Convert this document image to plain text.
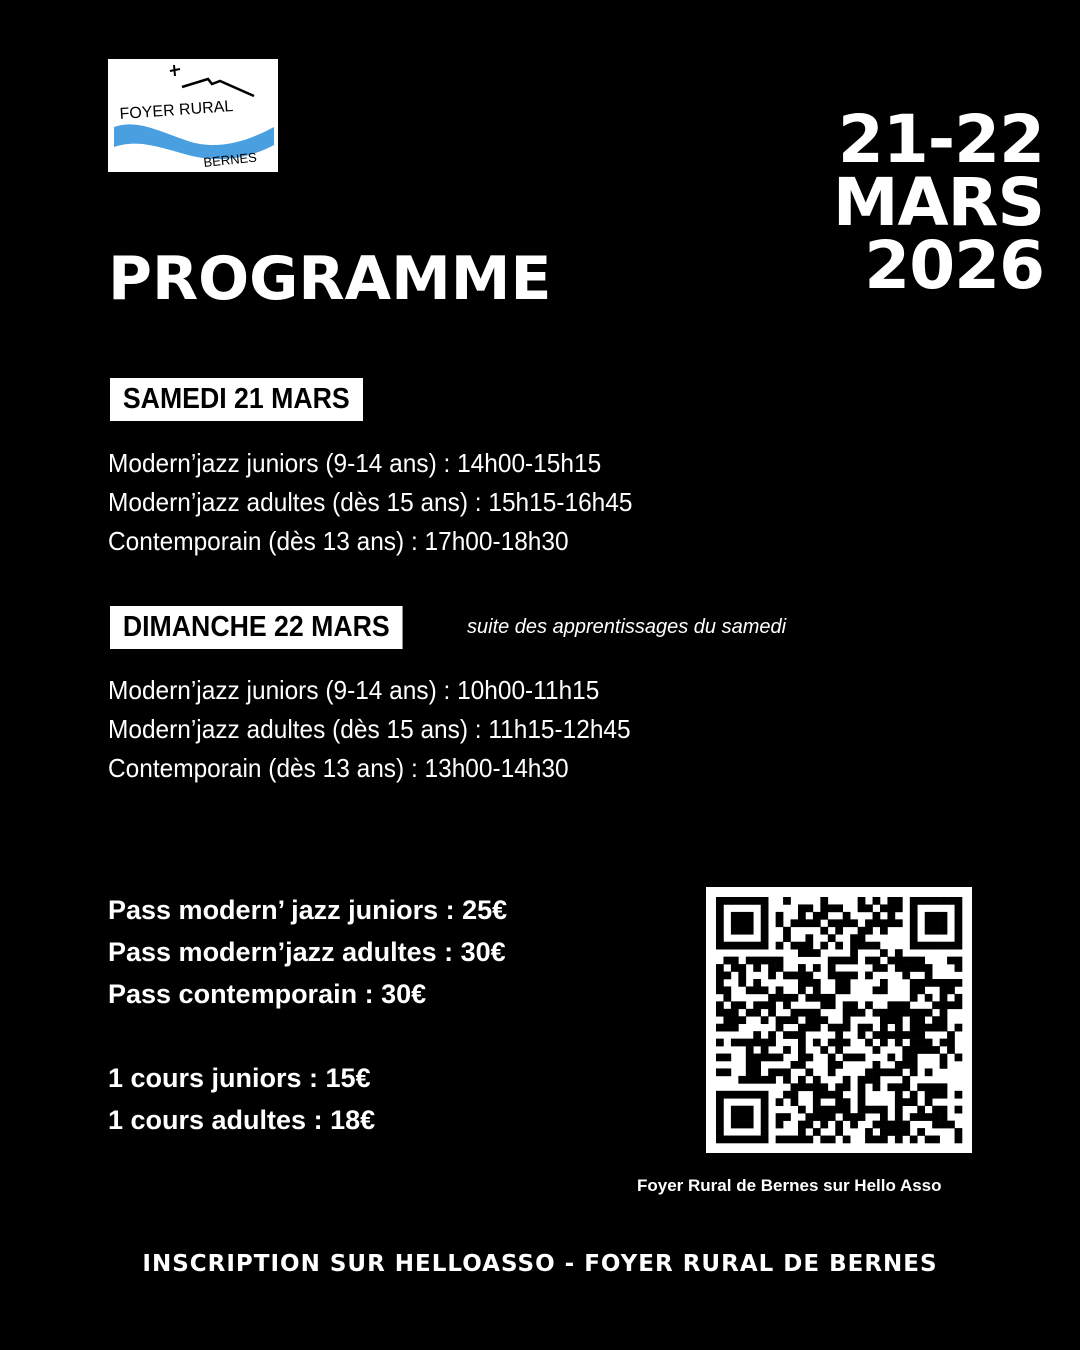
FOYER RURAL
BERNES	21-22
MARS
2026
PROGRAMME
SAMEDI 21 MARS
Modern’jazz juniors (9-14 ans) : 14h00-15h15
Modern’jazz adultes (dès 15 ans) : 15h15-16h45
Contemporain (dès 13 ans) : 17h00-18h30
DIMANCHE 22 MARS	suite des apprentissages du samedi
Modern’jazz juniors (9-14 ans) : 10h00-11h15
Modern’jazz adultes (dès 15 ans) : 11h15-12h45
Contemporain (dès 13 ans) : 13h00-14h30
Pass modern’ jazz juniors : 25€
Pass modern’jazz adultes : 30€
Pass contemporain : 30€
1 cours juniors : 15€
1 cours adultes : 18€
Foyer Rural de Bernes sur Hello Asso
INSCRIPTION SUR HELLOASSO - FOYER RURAL DE BERNES
